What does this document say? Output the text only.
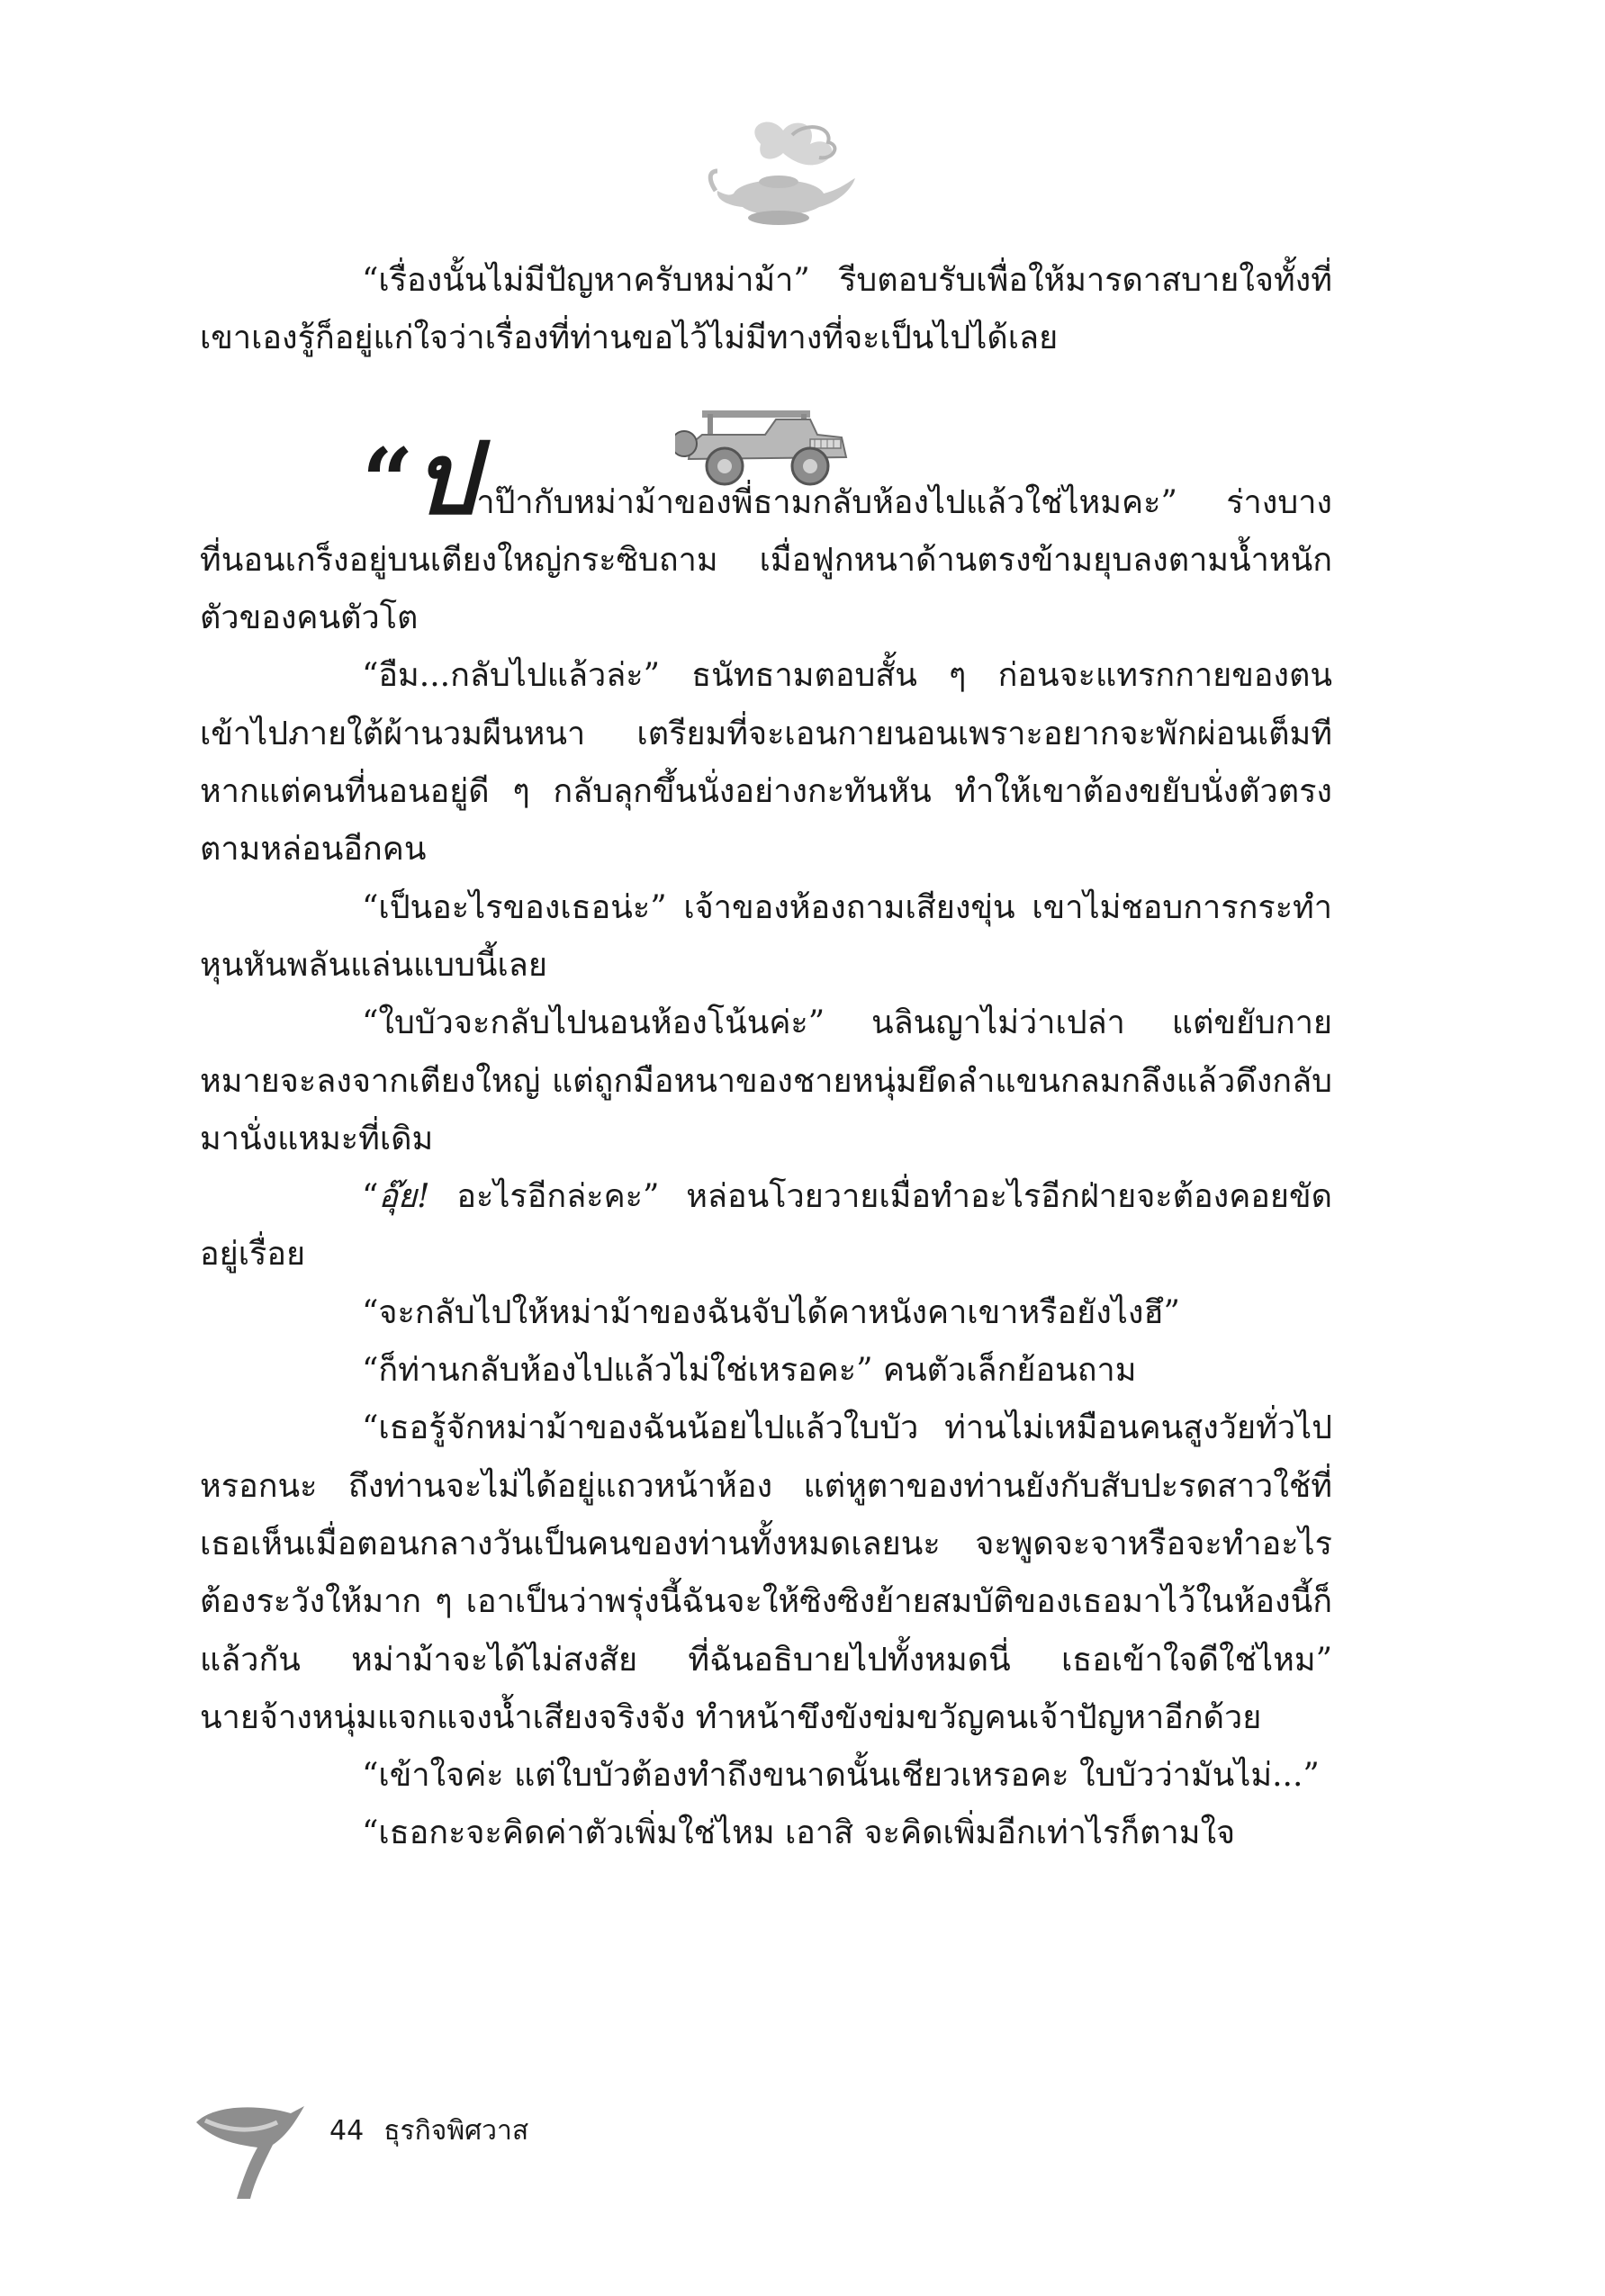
“เรื่องนั้นไม่มีปัญหาครับหม่าม้า” รีบตอบรับเพื่อให้มารดาสบายใจทั้งที่เขาเองรู้ก็อยู่แก่ใจว่าเรื่องที่ท่านขอไว้ไม่มีทางที่จะเป็นไปได้เลย

“ปาป๊ากับหม่าม้าของพี่ธามกลับห้องไปแล้วใช่ไหมคะ” ร่างบางที่นอนเกร็งอยู่บนเตียงใหญ่กระซิบถาม เมื่อฟูกหนาด้านตรงข้ามยุบลงตามน้ำหนักตัวของคนตัวโต

“อืม...กลับไปแล้วล่ะ” ธนัทธามตอบสั้น ๆ ก่อนจะแทรกกายของตนเข้าไปภายใต้ผ้านวมผืนหนา เตรียมที่จะเอนกายนอนเพราะอยากจะพักผ่อนเต็มที หากแต่คนที่นอนอยู่ดี ๆ กลับลุกขึ้นนั่งอย่างกะทันหัน ทำให้เขาต้องขยับนั่งตัวตรงตามหล่อนอีกคน

“เป็นอะไรของเธอน่ะ” เจ้าของห้องถามเสียงขุ่น เขาไม่ชอบการกระทำหุนหันพลันแล่นแบบนี้เลย

“ใบบัวจะกลับไปนอนห้องโน้นค่ะ” นลินญาไม่ว่าเปล่า แต่ขยับกายหมายจะลงจากเตียงใหญ่ แต่ถูกมือหนาของชายหนุ่มยึดลำแขนกลมกลึงแล้วดึงกลับมานั่งแหมะที่เดิม

“อุ๊ย! อะไรอีกล่ะคะ” หล่อนโวยวายเมื่อทำอะไรอีกฝ่ายจะต้องคอยขัดอยู่เรื่อย

“จะกลับไปให้หม่าม้าของฉันจับได้คาหนังคาเขาหรือยังไงฮึ”

“ก็ท่านกลับห้องไปแล้วไม่ใช่เหรอคะ” คนตัวเล็กย้อนถาม

“เธอรู้จักหม่าม้าของฉันน้อยไปแล้วใบบัว ท่านไม่เหมือนคนสูงวัยทั่วไปหรอกนะ ถึงท่านจะไม่ได้อยู่แถวหน้าห้อง แต่หูตาของท่านยังกับสับปะรดสาวใช้ที่เธอเห็นเมื่อตอนกลางวันเป็นคนของท่านทั้งหมดเลยนะ จะพูดจะจาหรือจะทำอะไรต้องระวังให้มาก ๆ เอาเป็นว่าพรุ่งนี้ฉันจะให้ซิงซิงย้ายสมบัติของเธอมาไว้ในห้องนี้ก็แล้วกัน หม่าม้าจะได้ไม่สงสัย ที่ฉันอธิบายไปทั้งหมดนี่ เธอเข้าใจดีใช่ไหม” นายจ้างหนุ่มแจกแจงน้ำเสียงจริงจัง ทำหน้าขึงขังข่มขวัญคนเจ้าปัญหาอีกด้วย

“เข้าใจค่ะ แต่ใบบัวต้องทำถึงขนาดนั้นเชียวเหรอคะ ใบบัวว่ามันไม่...”

“เธอกะจะคิดค่าตัวเพิ่มใช่ไหม เอาสิ จะคิดเพิ่มอีกเท่าไรก็ตามใจ

44 ธุรกิจพิศวาส
